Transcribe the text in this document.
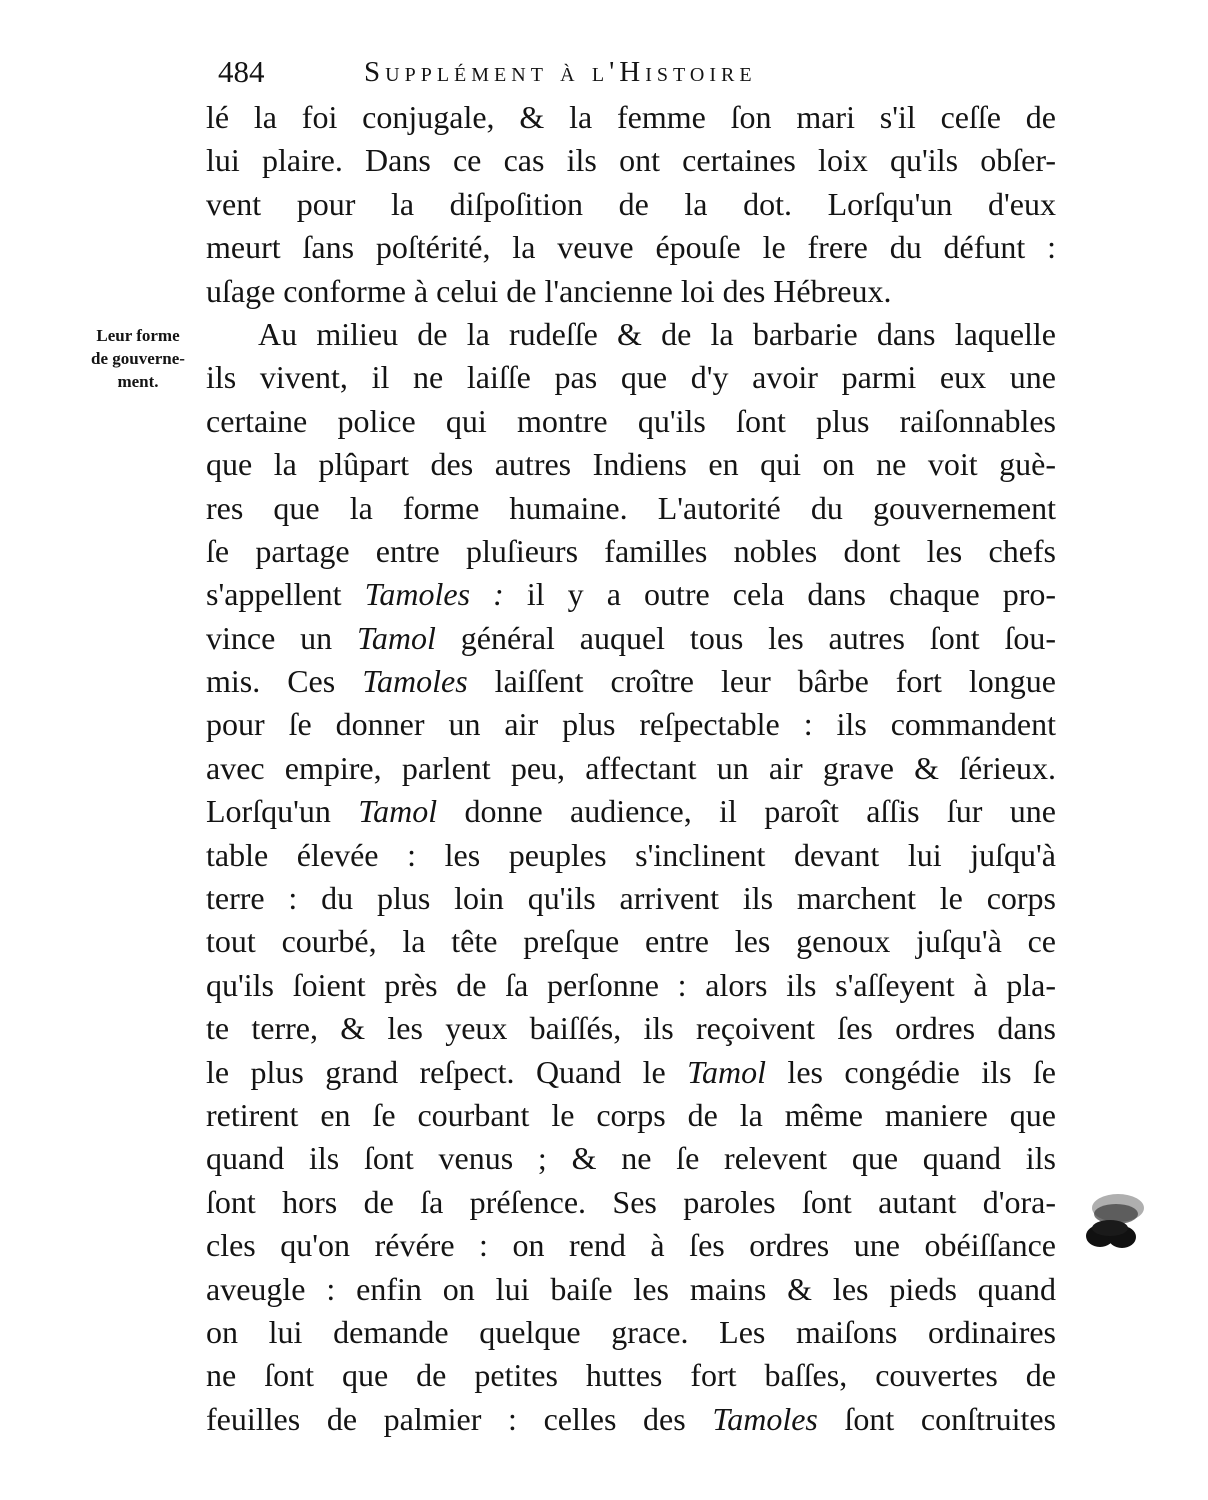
484	Supplément à l'Histoire
Leur forme
de gouverne-
ment.
lé la foi conjugale, & la femme ſon mari s'il ceſſe de
lui plaire. Dans ce cas ils ont certaines loix qu'ils obſer-
vent pour la diſpoſition de la dot. Lorſqu'un d'eux
meurt ſans poſtérité, la veuve épouſe le frere du défunt :
uſage conforme à celui de l'ancienne loi des Hébreux.
Au milieu de la rudeſſe & de la barbarie dans laquelle
ils vivent, il ne laiſſe pas que d'y avoir parmi eux une
certaine police qui montre qu'ils ſont plus raiſonnables
que la plûpart des autres Indiens en qui on ne voit guè-
res que la forme humaine. L'autorité du gouvernement
ſe partage entre pluſieurs familles nobles dont les chefs
s'appellent Tamoles : il y a outre cela dans chaque pro-
vince un Tamol général auquel tous les autres ſont ſou-
mis. Ces Tamoles laiſſent croître leur bârbe fort longue
pour ſe donner un air plus reſpectable : ils commandent
avec empire, parlent peu, affectant un air grave & ſérieux.
Lorſqu'un Tamol donne audience, il paroît aſſis ſur une
table élevée : les peuples s'inclinent devant lui juſqu'à
terre : du plus loin qu'ils arrivent ils marchent le corps
tout courbé, la tête preſque entre les genoux juſqu'à ce
qu'ils ſoient près de ſa perſonne : alors ils s'aſſeyent à pla-
te terre, & les yeux baiſſés, ils reçoivent ſes ordres dans
le plus grand reſpect. Quand le Tamol les congédie ils ſe
retirent en ſe courbant le corps de la même maniere que
quand ils ſont venus ; & ne ſe relevent que quand ils
ſont hors de ſa préſence. Ses paroles ſont autant d'ora-
cles qu'on révére : on rend à ſes ordres une obéiſſance
aveugle : enfin on lui baiſe les mains & les pieds quand
on lui demande quelque grace. Les maiſons ordinaires
ne ſont que de petites huttes fort baſſes, couvertes de
feuilles de palmier : celles des Tamoles ſont conſtruites
